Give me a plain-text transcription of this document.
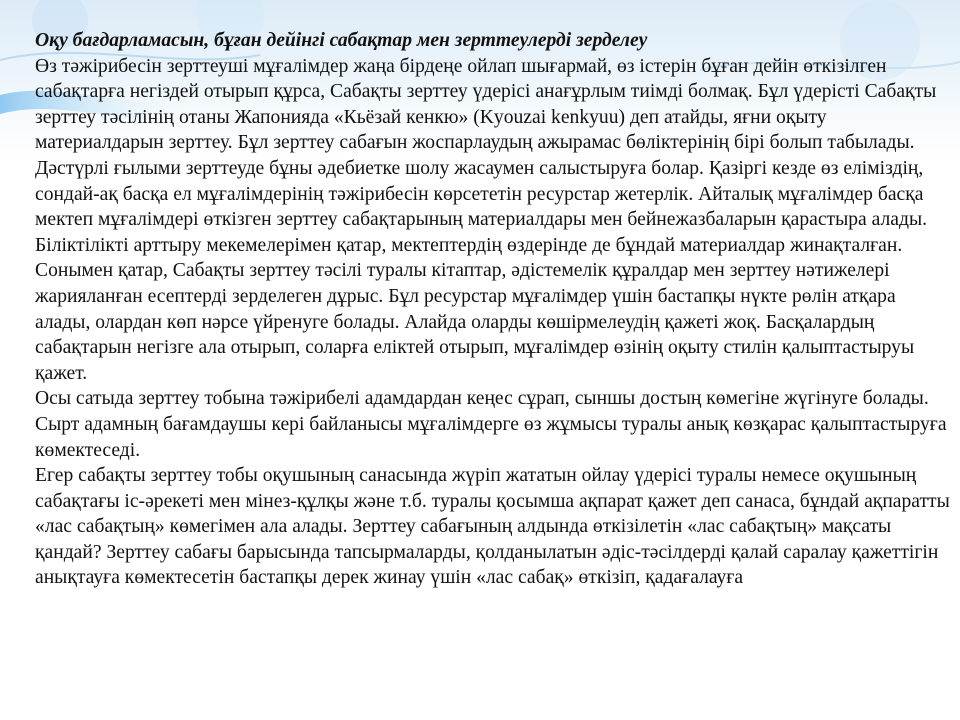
Оқу бағдарламасын, бұған дейінгі сабақтар мен зерттеулерді зерделеу

Өз тәжірибесін зерттеуші мұғалімдер жаңа бірдеңе ойлап шығармай, өз істерін бұған дейін өткізілген сабақтарға негіздей отырып құрса, Сабақты зерттеу үдерісі анағұрлым тиімді болмақ. Бұл үдерісті Сабақты зерттеу тәсілінің отаны Жапонияда «Кьёзай кенкю» (Kyouzai kenkyuu) деп атайды, яғни оқыту материалдарын зерттеу. Бұл зерттеу сабағын жоспарлаудың ажырамас бөліктерінің бірі болып табылады. Дәстүрлі ғылыми зерттеуде бұны әдебиетке шолу жасаумен салыстыруға болар. Қазіргі кезде өз еліміздің, сондай-ақ басқа ел мұғалімдерінің тәжірибесін көрсететін ресурстар жетерлік. Айталық мұғалімдер басқа мектеп мұғалімдері өткізген зерттеу сабақтарының материалдары мен бейнежазбаларын қарастыра алады. Біліктілікті арттыру мекемелерімен қатар, мектептердің өздерінде де бұндай материалдар жинақталған. Сонымен қатар, Сабақты зерттеу тәсілі туралы кітаптар, әдістемелік құралдар мен зерттеу нәтижелері жарияланған есептерді зерделеген дұрыс. Бұл ресурстар мұғалімдер үшін бастапқы нүкте рөлін атқара алады, олардан көп нәрсе үйренуге болады. Алайда оларды көшірмелеудің қажеті жоқ. Басқалардың сабақтарын негізге ала отырып, соларға еліктей отырып, мұғалімдер өзінің оқыту стилін қалыптастыруы қажет.

Осы сатыда зерттеу тобына тәжірибелі адамдардан кеңес сұрап, сыншы достың көмегіне жүгінуге болады. Сырт адамның бағамдаушы кері байланысы мұғалімдерге өз жұмысы туралы анық көзқарас қалыптастыруға көмектеседі.

Егер сабақты зерттеу тобы оқушының санасында жүріп жататын ойлау үдерісі туралы немесе оқушының сабақтағы іс-әрекеті мен мінез-құлқы және т.б. туралы қосымша ақпарат қажет деп санаса, бұндай ақпаратты «лас сабақтың» көмегімен ала алады. Зерттеу сабағының алдында өткізілетін «лас сабақтың» мақсаты қандай? Зерттеу сабағы барысында тапсырмаларды, қолданылатын әдіс-тәсілдерді қалай саралау қажеттігін анықтауға көмектесетін бастапқы дерек жинау үшін «лас сабақ» өткізіп, қадағалауға
